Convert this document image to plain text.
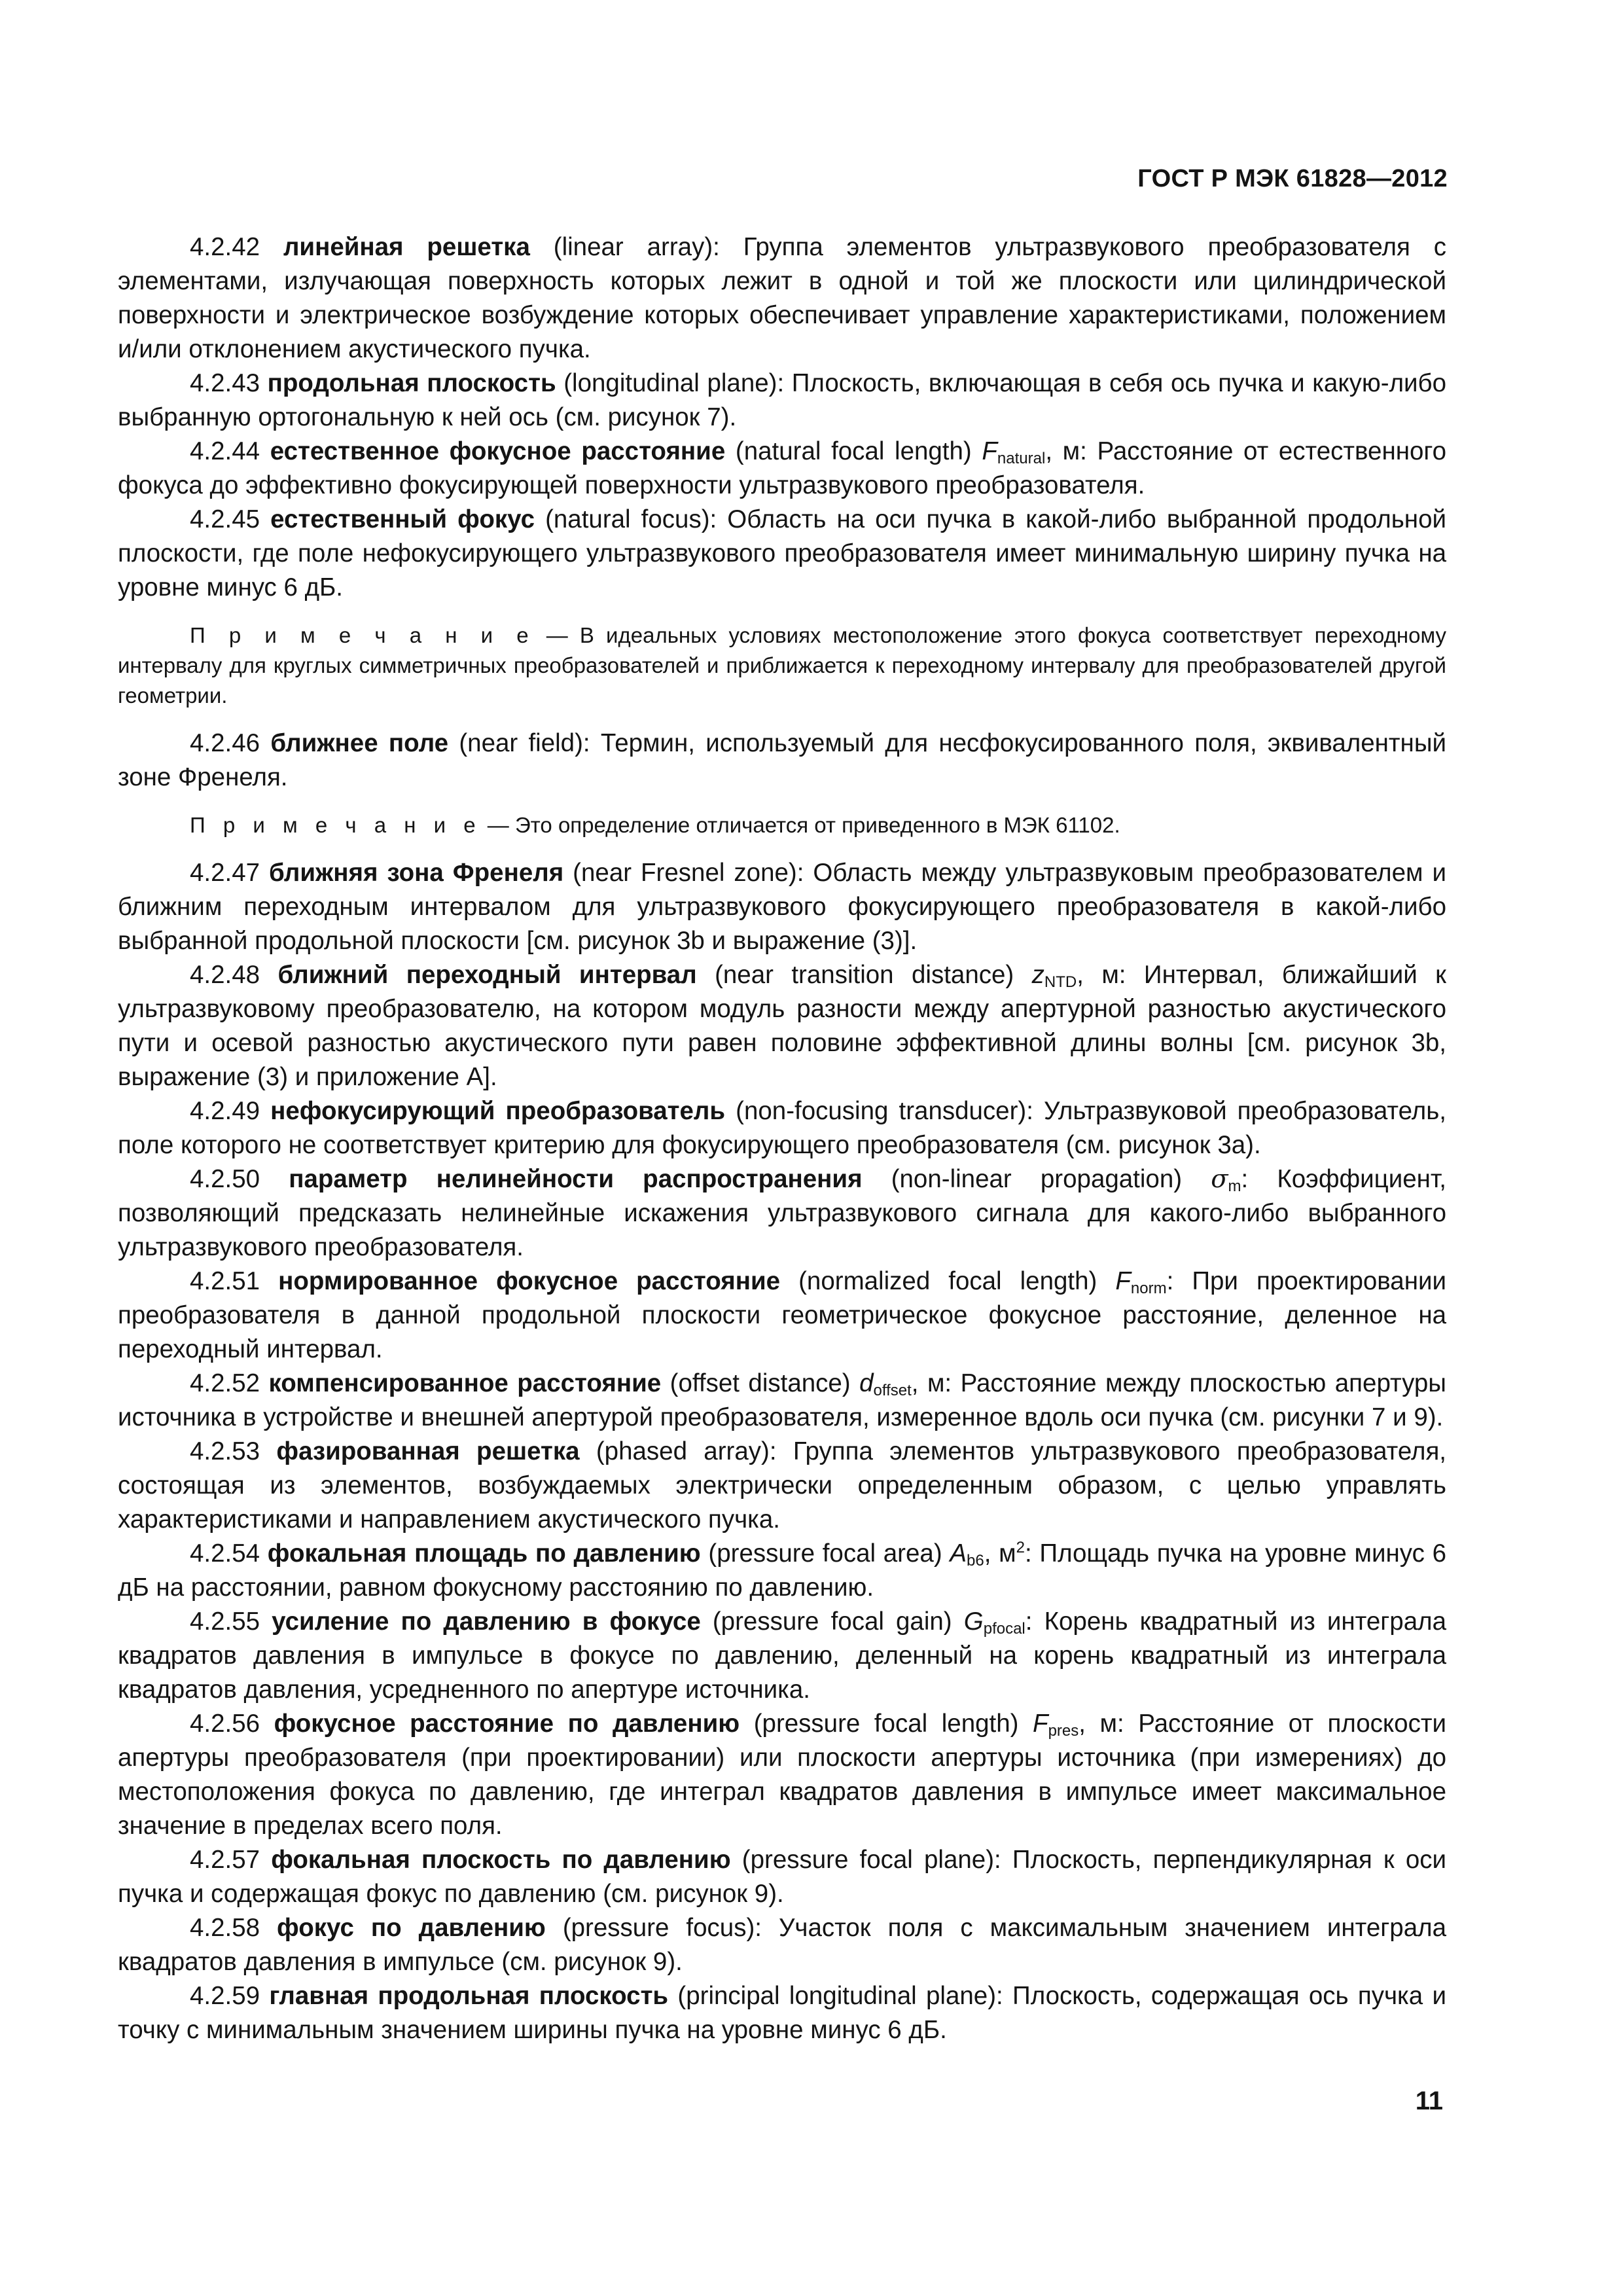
ГОСТ Р МЭК 61828—2012

4.2.42 линейная решетка (linear array): Группа элементов ультразвукового преобразователя с элементами, излучающая поверхность которых лежит в одной и той же плоскости или цилиндрической поверхности и электрическое возбуждение которых обеспечивает управление характеристиками, положением и/или отклонением акустического пучка.

4.2.43 продольная плоскость (longitudinal plane): Плоскость, включающая в себя ось пучка и какую-либо выбранную ортогональную к ней ось (см. рисунок 7).

4.2.44 естественное фокусное расстояние (natural focal length) $F_{natural}$, м: Расстояние от естественного фокуса до эффективно фокусирующей поверхности ультразвукового преобразователя.

4.2.45 естественный фокус (natural focus): Область на оси пучка в какой-либо выбранной продольной плоскости, где поле нефокусирующего ультразвукового преобразователя имеет минимальную ширину пучка на уровне минус 6 дБ.

П р и м е ч а н и е — В идеальных условиях местоположение этого фокуса соответствует переходному интервалу для круглых симметричных преобразователей и приближается к переходному интервалу для преобразователей другой геометрии.

4.2.46 ближнее поле (near field): Термин, используемый для несфокусированного поля, эквивалентный зоне Френеля.

П р и м е ч а н и е — Это определение отличается от приведенного в МЭК 61102.

4.2.47 ближняя зона Френеля (near Fresnel zone): Область между ультразвуковым преобразователем и ближним переходным интервалом для ультразвукового фокусирующего преобразователя в какой-либо выбранной продольной плоскости [см. рисунок 3b и выражение (3)].

4.2.48 ближний переходный интервал (near transition distance) $z_{NTD}$, м: Интервал, ближайший к ультразвуковому преобразователю, на котором модуль разности между апертурной разностью акустического пути и осевой разностью акустического пути равен половине эффективной длины волны [см. рисунок 3b, выражение (3) и приложение А].

4.2.49 нефокусирующий преобразователь (non-focusing transducer): Ультразвуковой преобразователь, поле которого не соответствует критерию для фокусирующего преобразователя (см. рисунок 3а).

4.2.50 параметр нелинейности распространения (non-linear propagation) $\sigma_m$: Коэффициент, позволяющий предсказать нелинейные искажения ультразвукового сигнала для какого-либо выбранного ультразвукового преобразователя.

4.2.51 нормированное фокусное расстояние (normalized focal length) $F_{norm}$: При проектировании преобразователя в данной продольной плоскости геометрическое фокусное расстояние, деленное на переходный интервал.

4.2.52 компенсированное расстояние (offset distance) $d_{offset}$, м: Расстояние между плоскостью апертуры источника в устройстве и внешней апертурой преобразователя, измеренное вдоль оси пучка (см. рисунки 7 и 9).

4.2.53 фазированная решетка (phased array): Группа элементов ультразвукового преобразователя, состоящая из элементов, возбуждаемых электрически определенным образом, с целью управлять характеристиками и направлением акустического пучка.

4.2.54 фокальная площадь по давлению (pressure focal area) $A_{b6}$, $м^2$: Площадь пучка на уровне минус 6 дБ на расстоянии, равном фокусному расстоянию по давлению.

4.2.55 усиление по давлению в фокусе (pressure focal gain) $G_{pfocal}$: Корень квадратный из интеграла квадратов давления в импульсе в фокусе по давлению, деленный на корень квадратный из интеграла квадратов давления, усредненного по апертуре источника.

4.2.56 фокусное расстояние по давлению (pressure focal length) $F_{pres}$, м: Расстояние от плоскости апертуры преобразователя (при проектировании) или плоскости апертуры источника (при измерениях) до местоположения фокуса по давлению, где интеграл квадратов давления в импульсе имеет максимальное значение в пределах всего поля.

4.2.57 фокальная плоскость по давлению (pressure focal plane): Плоскость, перпендикулярная к оси пучка и содержащая фокус по давлению (см. рисунок 9).

4.2.58 фокус по давлению (pressure focus): Участок поля с максимальным значением интеграла квадратов давления в импульсе (см. рисунок 9).

4.2.59 главная продольная плоскость (principal longitudinal plane): Плоскость, содержащая ось пучка и точку с минимальным значением ширины пучка на уровне минус 6 дБ.

11
